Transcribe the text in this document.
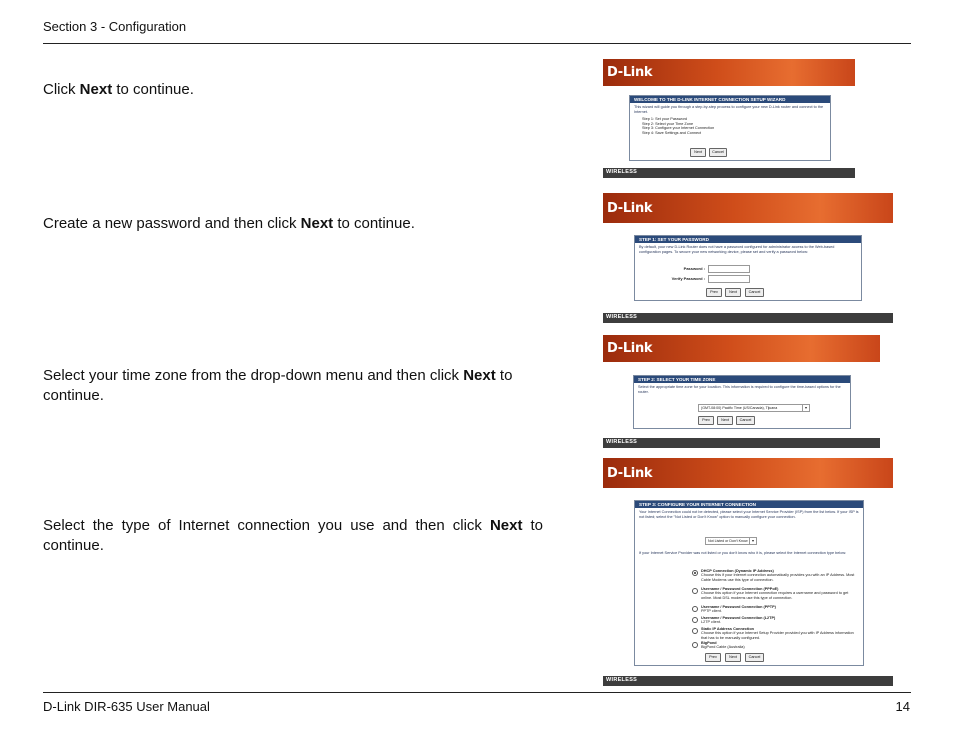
Section 3 - Configuration
Click Next to continue.
Create a new password and then click Next to continue.
Select your time zone from the drop-down menu and then click Next to continue.
Select the type of Internet connection you use and then click Next to continue.
D-Link
WELCOME TO THE D-LINK INTERNET CONNECTION SETUP WIZARD
This wizard will guide you through a step-by-step process to configure your new D-Link router and connect to the Internet.
Step 1: Set your Password
Step 2: Select your Time Zone
Step 3: Configure your Internet Connection
Step 4: Save Settings and Connect
Next	Cancel
WIRELESS
D-Link
STEP 1: SET YOUR PASSWORD
By default, your new D-Link Router does not have a password configured for administrator access to the Web-based configuration pages. To secure your new networking device, please set and verify a password below:
Password :
Verify Password :
Prev	Next	Cancel
WIRELESS
D-Link
STEP 2: SELECT YOUR TIME ZONE
Select the appropriate time zone for your location. This information is required to configure the time-based options for the router.
(GMT-08:00) Pacific Time (US/Canada), Tijuana	▾
Prev	Next	Cancel
WIRELESS
D-Link
STEP 3: CONFIGURE YOUR INTERNET CONNECTION
Your Internet Connection could not be detected, please select your Internet Service Provider (ISP) from the list below. If your ISP is not listed; select the "Not Listed or Don't Know" option to manually configure your connection.
Not Listed or Don't Know	▾
If your Internet Service Provider was not listed or you don't know who it is, please select the Internet connection type below:
DHCP Connection (Dynamic IP Address)
Choose this if your Internet connection automatically provides you with an IP Address. Most Cable Modems use this type of connection.
Username / Password Connection (PPPoE)
Choose this option if your Internet connection requires a username and password to get online. Most DSL modems use this type of connection.
Username / Password Connection (PPTP)
PPTP client.
Username / Password Connection (L2TP)
L2TP client.
Static IP Address Connection
Choose this option if your Internet Setup Provider provided you with IP Address information that has to be manually configured.
BigPond
BigPond Cable (Australia)
Prev	Next	Cancel
WIRELESS
D-Link DIR-635 User Manual	14
